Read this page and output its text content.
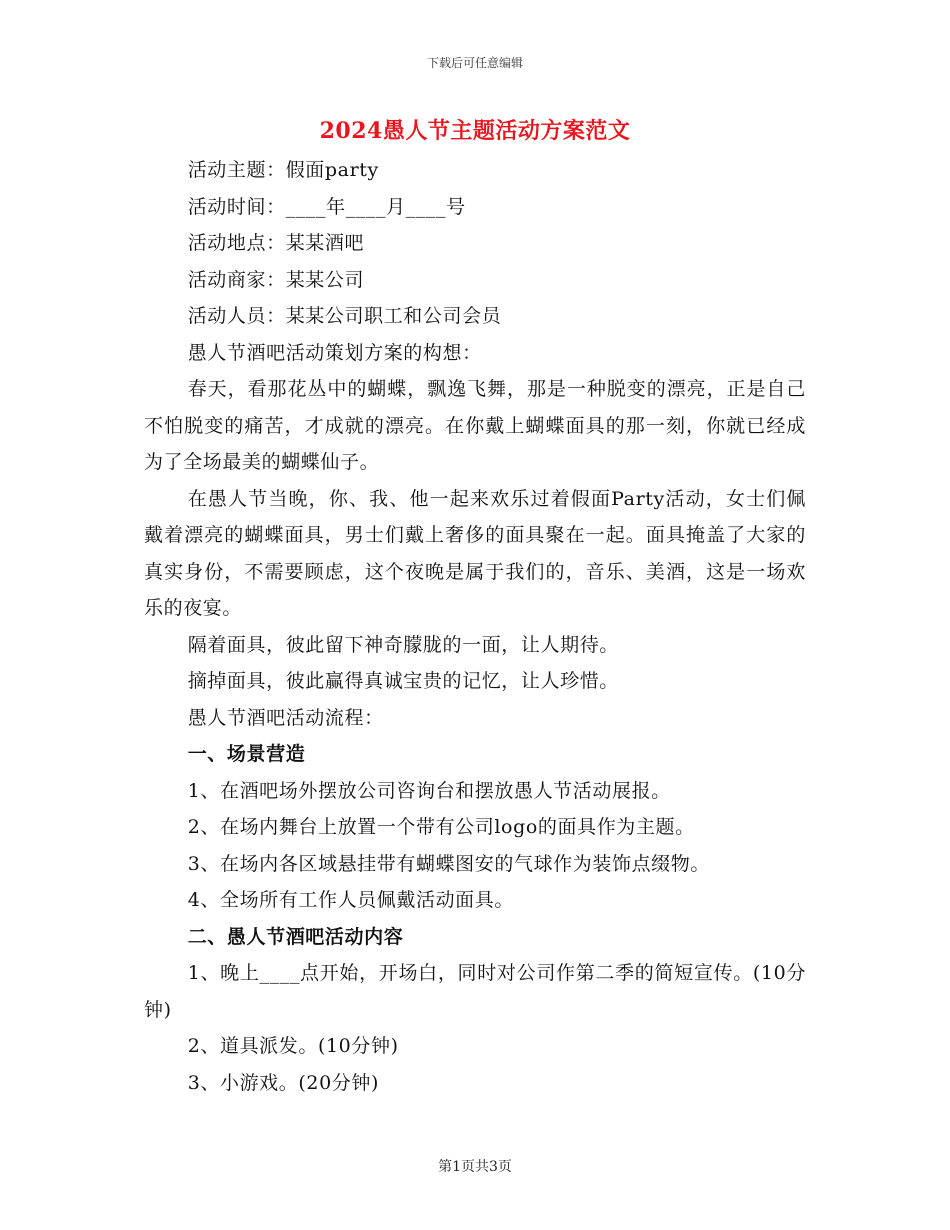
下载后可任意编辑
2024愚人节主题活动方案范文

活动主题：假面party

活动时间：____年____月____号

活动地点：某某酒吧

活动商家：某某公司

活动人员：某某公司职工和公司会员

愚人节酒吧活动策划方案的构想：

春天，看那花丛中的蝴蝶，飘逸飞舞，那是一种脱变的漂亮，正是自己不怕脱变的痛苦，才成就的漂亮。在你戴上蝴蝶面具的那一刻，你就已经成为了全场最美的蝴蝶仙子。

在愚人节当晚，你、我、他一起来欢乐过着假面Party活动，女士们佩戴着漂亮的蝴蝶面具，男士们戴上奢侈的面具聚在一起。面具掩盖了大家的真实身份，不需要顾虑，这个夜晚是属于我们的，音乐、美酒，这是一场欢乐的夜宴。

隔着面具，彼此留下神奇朦胧的一面，让人期待。

摘掉面具，彼此赢得真诚宝贵的记忆，让人珍惜。

愚人节酒吧活动流程：

一、场景营造

1、在酒吧场外摆放公司咨询台和摆放愚人节活动展报。

2、在场内舞台上放置一个带有公司logo的面具作为主题。

3、在场内各区域悬挂带有蝴蝶图安的气球作为装饰点缀物。

4、全场所有工作人员佩戴活动面具。

二、愚人节酒吧活动内容

1、晚上____点开始，开场白，同时对公司作第二季的简短宣传。(10分钟)

2、道具派发。(10分钟)

3、小游戏。(20分钟)

第1页共3页
